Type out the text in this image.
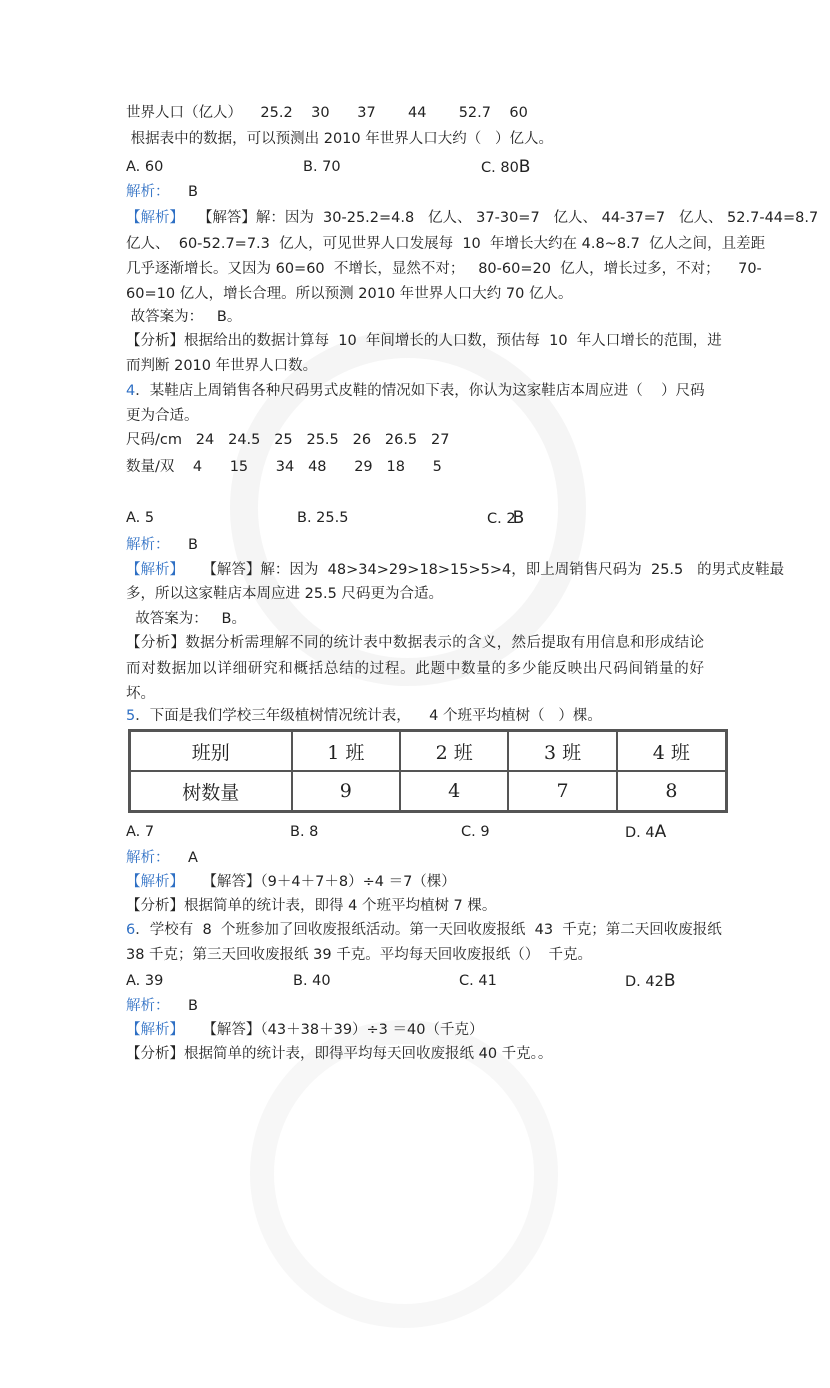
世界人口（亿人）    25.2    30      37       44       52.7    60
根据表中的数据，可以预测出 2010 年世界人口大约（   ）亿人。
A. 60	B. 70	C. 80B
解析： B
【解析】   【解答】解：因为  30-25.2=4.8   亿人、 37-30=7   亿人、 44-37=7   亿人、 52.7-44=8.7
亿人、  60-52.7=7.3  亿人，可见世界人口发展每  10  年增长大约在 4.8~8.7  亿人之间，且差距
几乎逐渐增长。又因为 60=60  不增长，显然不对；   80-60=20  亿人，增长过多，不对；    70-
60=10 亿人，增长合理。所以预测 2010 年世界人口大约 70 亿人。
故答案为：   B。
【分析】根据给出的数据计算每  10  年间增长的人口数，预估每  10  年人口增长的范围，进
而判断 2010 年世界人口数。
4．某鞋店上周销售各种尺码男式皮鞋的情况如下表，你认为这家鞋店本周应进（    ）尺码
更为合适。
尺码/cm   24   24.5   25   25.5   26   26.5   27
数量/双    4      15      34   48      29   18      5
A. 5	B. 25.5	C. 2B
解析： B
【解析】    【解答】解：因为  48>34>29>18>15>5>4，即上周销售尺码为  25.5   的男式皮鞋最
多，所以这家鞋店本周应进 25.5 尺码更为合适。
故答案为：   B。
【分析】数据分析需理解不同的统计表中数据表示的含义，然后提取有用信息和形成结论
而对数据加以详细研究和概括总结的过程。此题中数量的多少能反映出尺码间销量的好
坏。
5．下面是我们学校三年级植树情况统计表，    4 个班平均植树（   ）棵。
班别	1 班	2 班	3 班	4 班
树数量	9	4	7	8
A. 7	B. 8	C. 9	D. 4A
解析： A
【解析】    【解答】（9＋4＋7＋8）÷4 ＝7（棵）
【分析】根据简单的统计表，即得 4 个班平均植树 7 棵。
6．学校有  8  个班参加了回收废报纸活动。第一天回收废报纸  43  千克；第二天回收废报纸
38 千克；第三天回收废报纸 39 千克。平均每天回收废报纸（）  千克。
A. 39	B. 40	C. 41	D. 42B
解析： B
【解析】    【解答】（43＋38＋39）÷3 ＝40（千克）
【分析】根据简单的统计表，即得平均每天回收废报纸 40 千克。。
